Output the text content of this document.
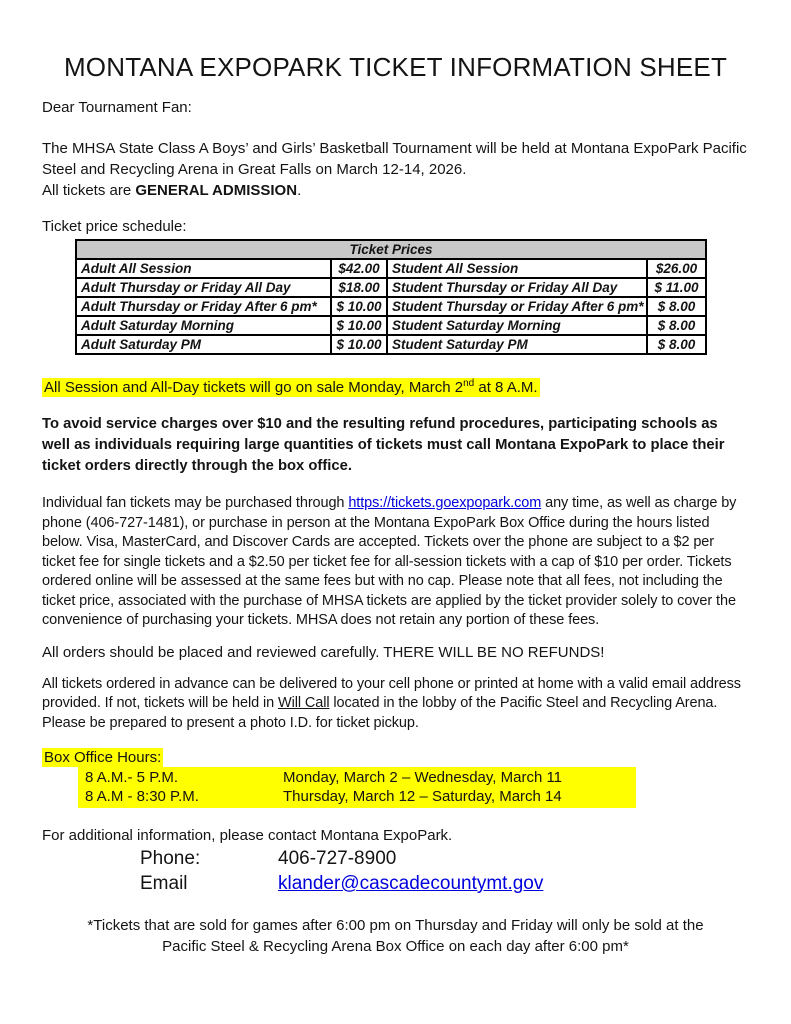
MONTANA EXPOPARK TICKET INFORMATION SHEET

Dear Tournament Fan:

The MHSA State Class A Boys’ and Girls’ Basketball Tournament will be held at Montana ExpoPark Pacific Steel and Recycling Arena in Great Falls on March 12-14, 2026.
All tickets are GENERAL ADMISSION.

Ticket price schedule:

Ticket Prices			
Adult All Session	$42.00	Student All Session	$26.00
Adult Thursday or Friday All Day	$18.00	Student Thursday or Friday All Day	$ 11.00
Adult Thursday or Friday After 6 pm*	$ 10.00	Student Thursday or Friday After 6 pm*	$ 8.00
Adult Saturday Morning	$ 10.00	Student Saturday Morning	$ 8.00
Adult Saturday PM	$ 10.00	Student Saturday PM	$ 8.00

All Session and All-Day tickets will go on sale Monday, March 2nd at 8 A.M.

To avoid service charges over $10 and the resulting refund procedures, participating schools as well as individuals requiring large quantities of tickets must call Montana ExpoPark to place their ticket orders directly through the box office.

Individual fan tickets may be purchased through https://tickets.goexpopark.com any time, as well as charge by phone (406-727-1481), or purchase in person at the Montana ExpoPark Box Office during the hours listed below. Visa, MasterCard, and Discover Cards are accepted. Tickets over the phone are subject to a $2 per ticket fee for single tickets and a $2.50 per ticket fee for all-session tickets with a cap of $10 per order. Tickets ordered online will be assessed at the same fees but with no cap. Please note that all fees, not including the ticket price, associated with the purchase of MHSA tickets are applied by the ticket provider solely to cover the convenience of purchasing your tickets. MHSA does not retain any portion of these fees.

All orders should be placed and reviewed carefully. THERE WILL BE NO REFUNDS!

All tickets ordered in advance can be delivered to your cell phone or printed at home with a valid email address provided. If not, tickets will be held in Will Call located in the lobby of the Pacific Steel and Recycling Arena. Please be prepared to present a photo I.D. for ticket pickup.

Box Office Hours:
8 A.M.- 5 P.M.	Monday, March 2 – Wednesday, March 11
8 A.M - 8:30 P.M.	Thursday, March 12 – Saturday, March 14

For additional information, please contact Montana ExpoPark.

Phone:	406-727-8900
Email	klander@cascadecountymt.gov

*Tickets that are sold for games after 6:00 pm on Thursday and Friday will only be sold at the
Pacific Steel & Recycling Arena Box Office on each day after 6:00 pm*
